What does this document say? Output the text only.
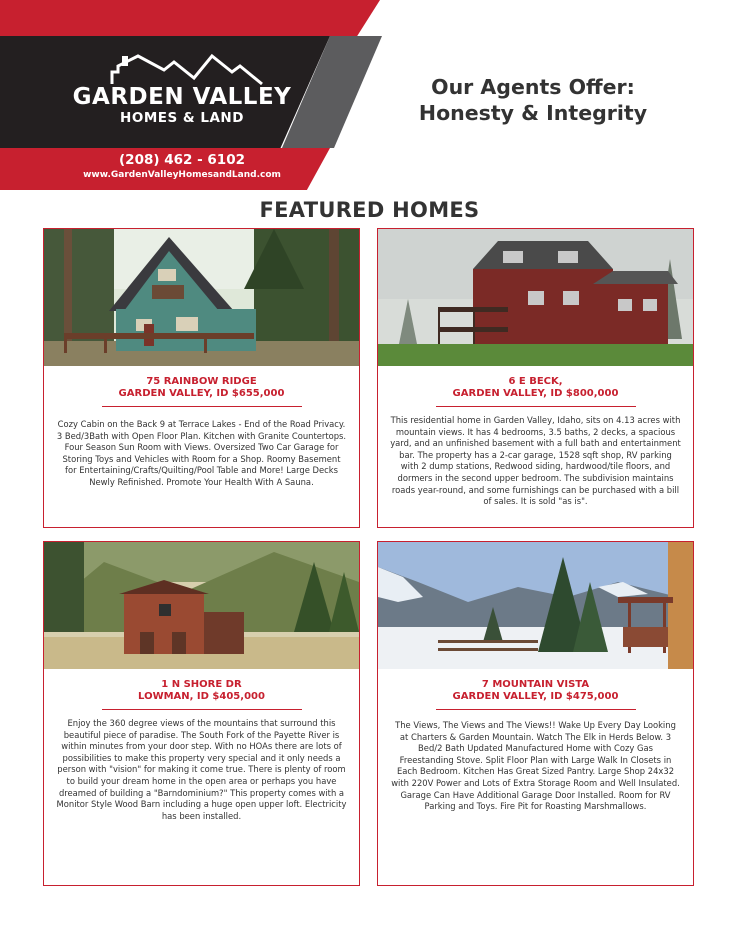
GARDEN VALLEY
HOMES & LAND
(208) 462 - 6102
www.GardenValleyHomesandLand.com
Our Agents Offer:
Honesty & Integrity
FEATURED HOMES
75 RAINBOW RIDGE
GARDEN VALLEY, ID $655,000
Cozy Cabin on the Back 9 at Terrace Lakes - End of the Road Privacy. 3 Bed/3Bath with Open Floor Plan. Kitchen with Granite Countertops. Four Season Sun Room with Views. Oversized Two Car Garage for Storing Toys and Vehicles with Room for a Shop. Roomy Basement for Entertaining/Crafts/Quilting/Pool Table and More! Large Decks Newly Refinished. Promote Your Health With A Sauna.
6 E BECK,
GARDEN VALLEY, ID $800,000
This residential home in Garden Valley, Idaho, sits on 4.13 acres with mountain views. It has 4 bedrooms, 3.5 baths, 2 decks, a spacious yard, and an unfinished basement with a full bath and entertainment bar. The property has a 2-car garage, 1528 sqft shop, RV parking with 2 dump stations, Redwood siding, hardwood/tile floors, and dormers in the second upper bedroom. The subdivision maintains roads year-round, and some furnishings can be purchased with a bill of sales. It is sold "as is".
1 N SHORE DR
LOWMAN, ID $405,000
Enjoy the 360 degree views of the mountains that surround this beautiful piece of paradise. The South Fork of the Payette River is within minutes from your door step. With no HOAs there are lots of possibilities to make this property very special and it only needs a person with "vision" for making it come true. There is plenty of room to build your dream home in the open area or perhaps you have dreamed of building a "Barndominium?" This property comes with a Monitor Style Wood Barn including a huge open upper loft. Electricity has been installed.
7 MOUNTAIN VISTA
GARDEN VALLEY, ID $475,000
The Views, The Views and The Views!! Wake Up Every Day Looking at Charters & Garden Mountain. Watch The Elk in Herds Below. 3 Bed/2 Bath Updated Manufactured Home with Cozy Gas Freestanding Stove. Split Floor Plan with Large Walk In Closets in Each Bedroom. Kitchen Has Great Sized Pantry. Large Shop 24x32 with 220V Power and Lots of Extra Storage Room and Well Insulated. Garage Can Have Additional Garage Door Installed. Room for RV Parking and Toys. Fire Pit for Roasting Marshmallows.
